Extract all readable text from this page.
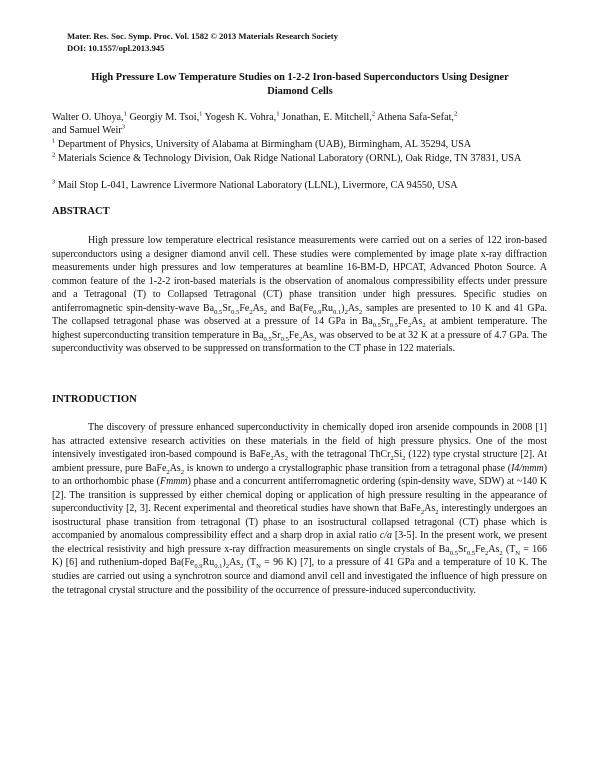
Mater. Res. Soc. Symp. Proc. Vol. 1582 © 2013 Materials Research Society
DOI: 10.1557/opl.2013.945
High Pressure Low Temperature Studies on 1-2-2 Iron-based Superconductors Using Designer
Diamond Cells
Walter O. Uhoya,$^1$ Georgiy M. Tsoi,$^1$ Yogesh K. Vohra,$^1$ Jonathan, E. Mitchell,$^2$ Athena Safa-Sefat,$^2$
and Samuel Weir$^3$
$^1$ Department of Physics, University of Alabama at Birmingham (UAB), Birmingham, AL 35294, USA
$^2$ Materials Science & Technology Division, Oak Ridge National Laboratory (ORNL), Oak Ridge, TN 37831, USA
$^3$ Mail Stop L-041, Lawrence Livermore National Laboratory (LLNL), Livermore, CA 94550, USA
ABSTRACT
High pressure low temperature electrical resistance measurements were carried out on a series of 122 iron-based superconductors using a designer diamond anvil cell. These studies were complemented by image plate x-ray diffraction measurements under high pressures and low temperatures at beamline 16-BM-D, HPCAT, Advanced Photon Source. A common feature of the 1-2-2 iron-based materials is the observation of anomalous compressibility effects under pressure and a Tetragonal (T) to Collapsed Tetragonal (CT) phase transition under high pressures. Specific studies on antiferromagnetic spin-density-wave $Ba_{0.5}Sr_{0.5}Fe_2As_2$ and $Ba(Fe_{0.9}Ru_{0.1})_2As_2$ samples are presented to 10 K and 41 GPa. The collapsed tetragonal phase was observed at a pressure of 14 GPa in $Ba_{0.5}Sr_{0.5}Fe_2As_2$ at ambient temperature. The highest superconducting transition temperature in $Ba_{0.5}Sr_{0.5}Fe_2As_2$ was observed to be at 32 K at a pressure of 4.7 GPa. The superconductivity was observed to be suppressed on transformation to the CT phase in 122 materials.
INTRODUCTION
The discovery of pressure enhanced superconductivity in chemically doped iron arsenide compounds in 2008 [1] has attracted extensive research activities on these materials in the field of high pressure physics. One of the most intensively investigated iron-based compound is $BaFe_2As_2$ with the tetragonal $ThCr_2Si_2$ (122) type crystal structure [2]. At ambient pressure, pure $BaFe_2As_2$ is known to undergo a crystallographic phase transition from a tetragonal phase (I4/mmm) to an orthorhombic phase (Fmmm) phase and a concurrent antiferromagnetic ordering (spin-density wave, SDW) at ~140 K [2]. The transition is suppressed by either chemical doping or application of high pressure resulting in the appearance of superconductivity [2, 3]. Recent experimental and theoretical studies have shown that $BaFe_2As_2$ interestingly undergoes an isostructural phase transition from tetragonal (T) phase to an isostructural collapsed tetragonal (CT) phase which is accompanied by anomalous compressibility effect and a sharp drop in axial ratio c/a [3-5]. In the present work, we present the electrical resistivity and high pressure x-ray diffraction measurements on single crystals of $Ba_{0.5}Sr_{0.5}Fe_2As_2$ ($T_N = 166$ K) [6] and ruthenium-doped $Ba(Fe_{0.9}Ru_{0.1})_2As_2$ ($T_N = 96$ K) [7], to a pressure of 41 GPa and a temperature of 10 K. The studies are carried out using a synchrotron source and diamond anvil cell and investigated the influence of high pressure on the tetragonal crystal structure and the possibility of the occurrence of pressure-induced superconductivity.
